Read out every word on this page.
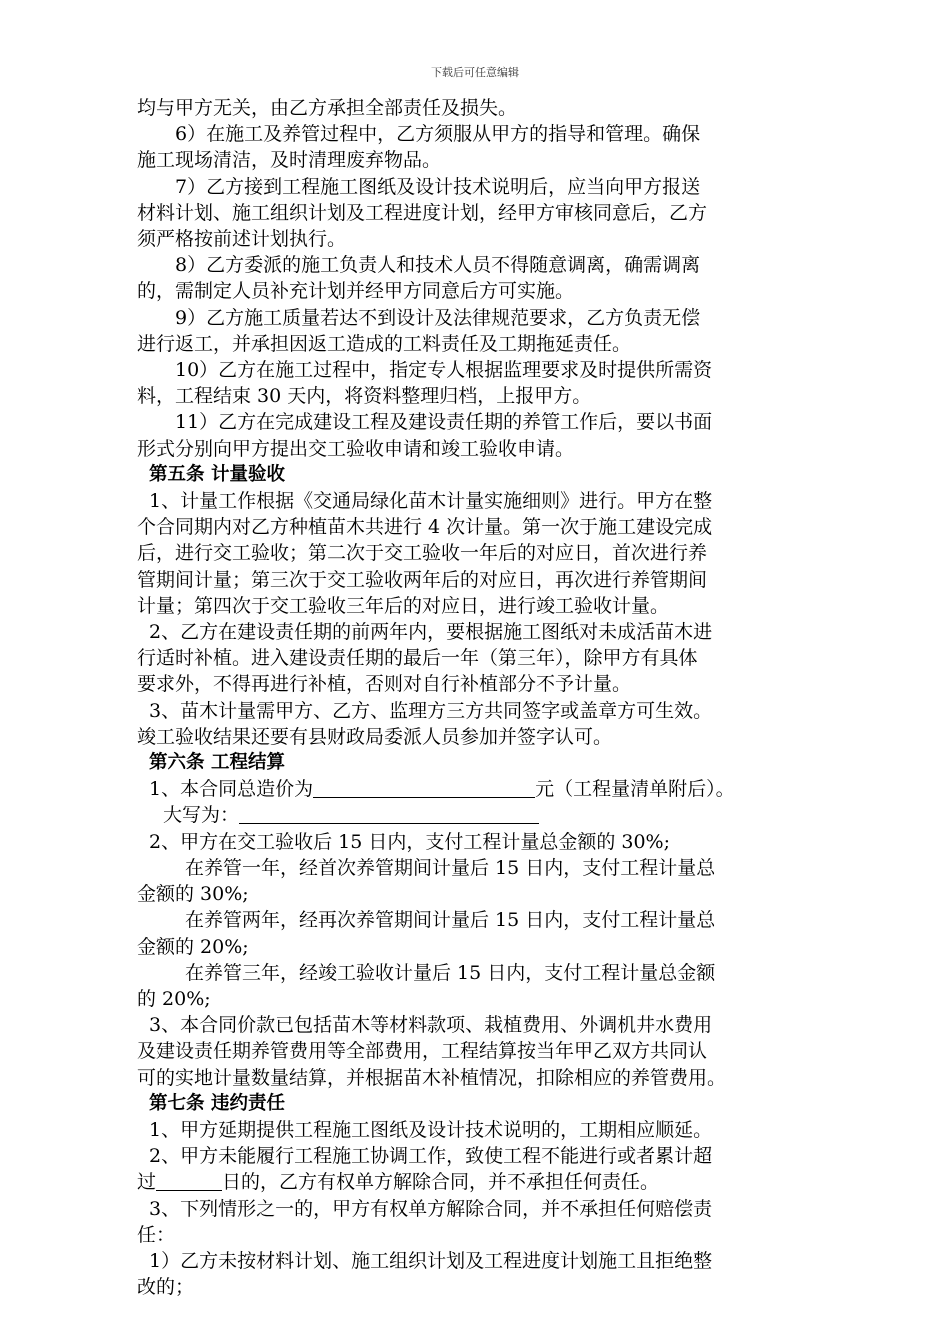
下载后可任意编辑

均与甲方无关，由乙方承担全部责任及损失。

6）在施工及养管过程中，乙方须服从甲方的指导和管理。确保

施工现场清洁，及时清理废弃物品。

7）乙方接到工程施工图纸及设计技术说明后，应当向甲方报送

材料计划、施工组织计划及工程进度计划，经甲方审核同意后，乙方

须严格按前述计划执行。

8）乙方委派的施工负责人和技术人员不得随意调离，确需调离

的，需制定人员补充计划并经甲方同意后方可实施。

9）乙方施工质量若达不到设计及法律规范要求，乙方负责无偿

进行返工，并承担因返工造成的工料责任及工期拖延责任。

10）乙方在施工过程中，指定专人根据监理要求及时提供所需资

料，工程结束 30 天内，将资料整理归档，上报甲方。

11）乙方在完成建设工程及建设责任期的养管工作后，要以书面

形式分别向甲方提出交工验收申请和竣工验收申请。

第五条 计量验收

1、计量工作根据《交通局绿化苗木计量实施细则》进行。甲方在整

个合同期内对乙方种植苗木共进行 4 次计量。第一次于施工建设完成

后，进行交工验收；第二次于交工验收一年后的对应日，首次进行养

管期间计量；第三次于交工验收两年后的对应日，再次进行养管期间

计量；第四次于交工验收三年后的对应日，进行竣工验收计量。

2、乙方在建设责任期的前两年内，要根据施工图纸对未成活苗木进

行适时补植。进入建设责任期的最后一年（第三年），除甲方有具体

要求外，不得再进行补植，否则对自行补植部分不予计量。

3、苗木计量需甲方、乙方、监理方三方共同签字或盖章方可生效。

竣工验收结果还要有县财政局委派人员参加并签字认可。

第六条 工程结算

1、本合同总造价为	元（工程量清单附后）。

大写为：

2、甲方在交工验收后 15 日内，支付工程计量总金额的 30%;

在养管一年，经首次养管期间计量后 15 日内，支付工程计量总

金额的 30%;

在养管两年，经再次养管期间计量后 15 日内，支付工程计量总

金额的 20%;

在养管三年，经竣工验收计量后 15 日内，支付工程计量总金额

的 20%;

3、本合同价款已包括苗木等材料款项、栽植费用、外调机井水费用

及建设责任期养管费用等全部费用，工程结算按当年甲乙双方共同认

可的实地计量数量结算，并根据苗木补植情况，扣除相应的养管费用。

第七条 违约责任

1、甲方延期提供工程施工图纸及设计技术说明的，工期相应顺延。

2、甲方未能履行工程施工协调工作，致使工程不能进行或者累计超

过	日的，乙方有权单方解除合同，并不承担任何责任。

3、下列情形之一的，甲方有权单方解除合同，并不承担任何赔偿责

任：

1）乙方未按材料计划、施工组织计划及工程进度计划施工且拒绝整

改的；
